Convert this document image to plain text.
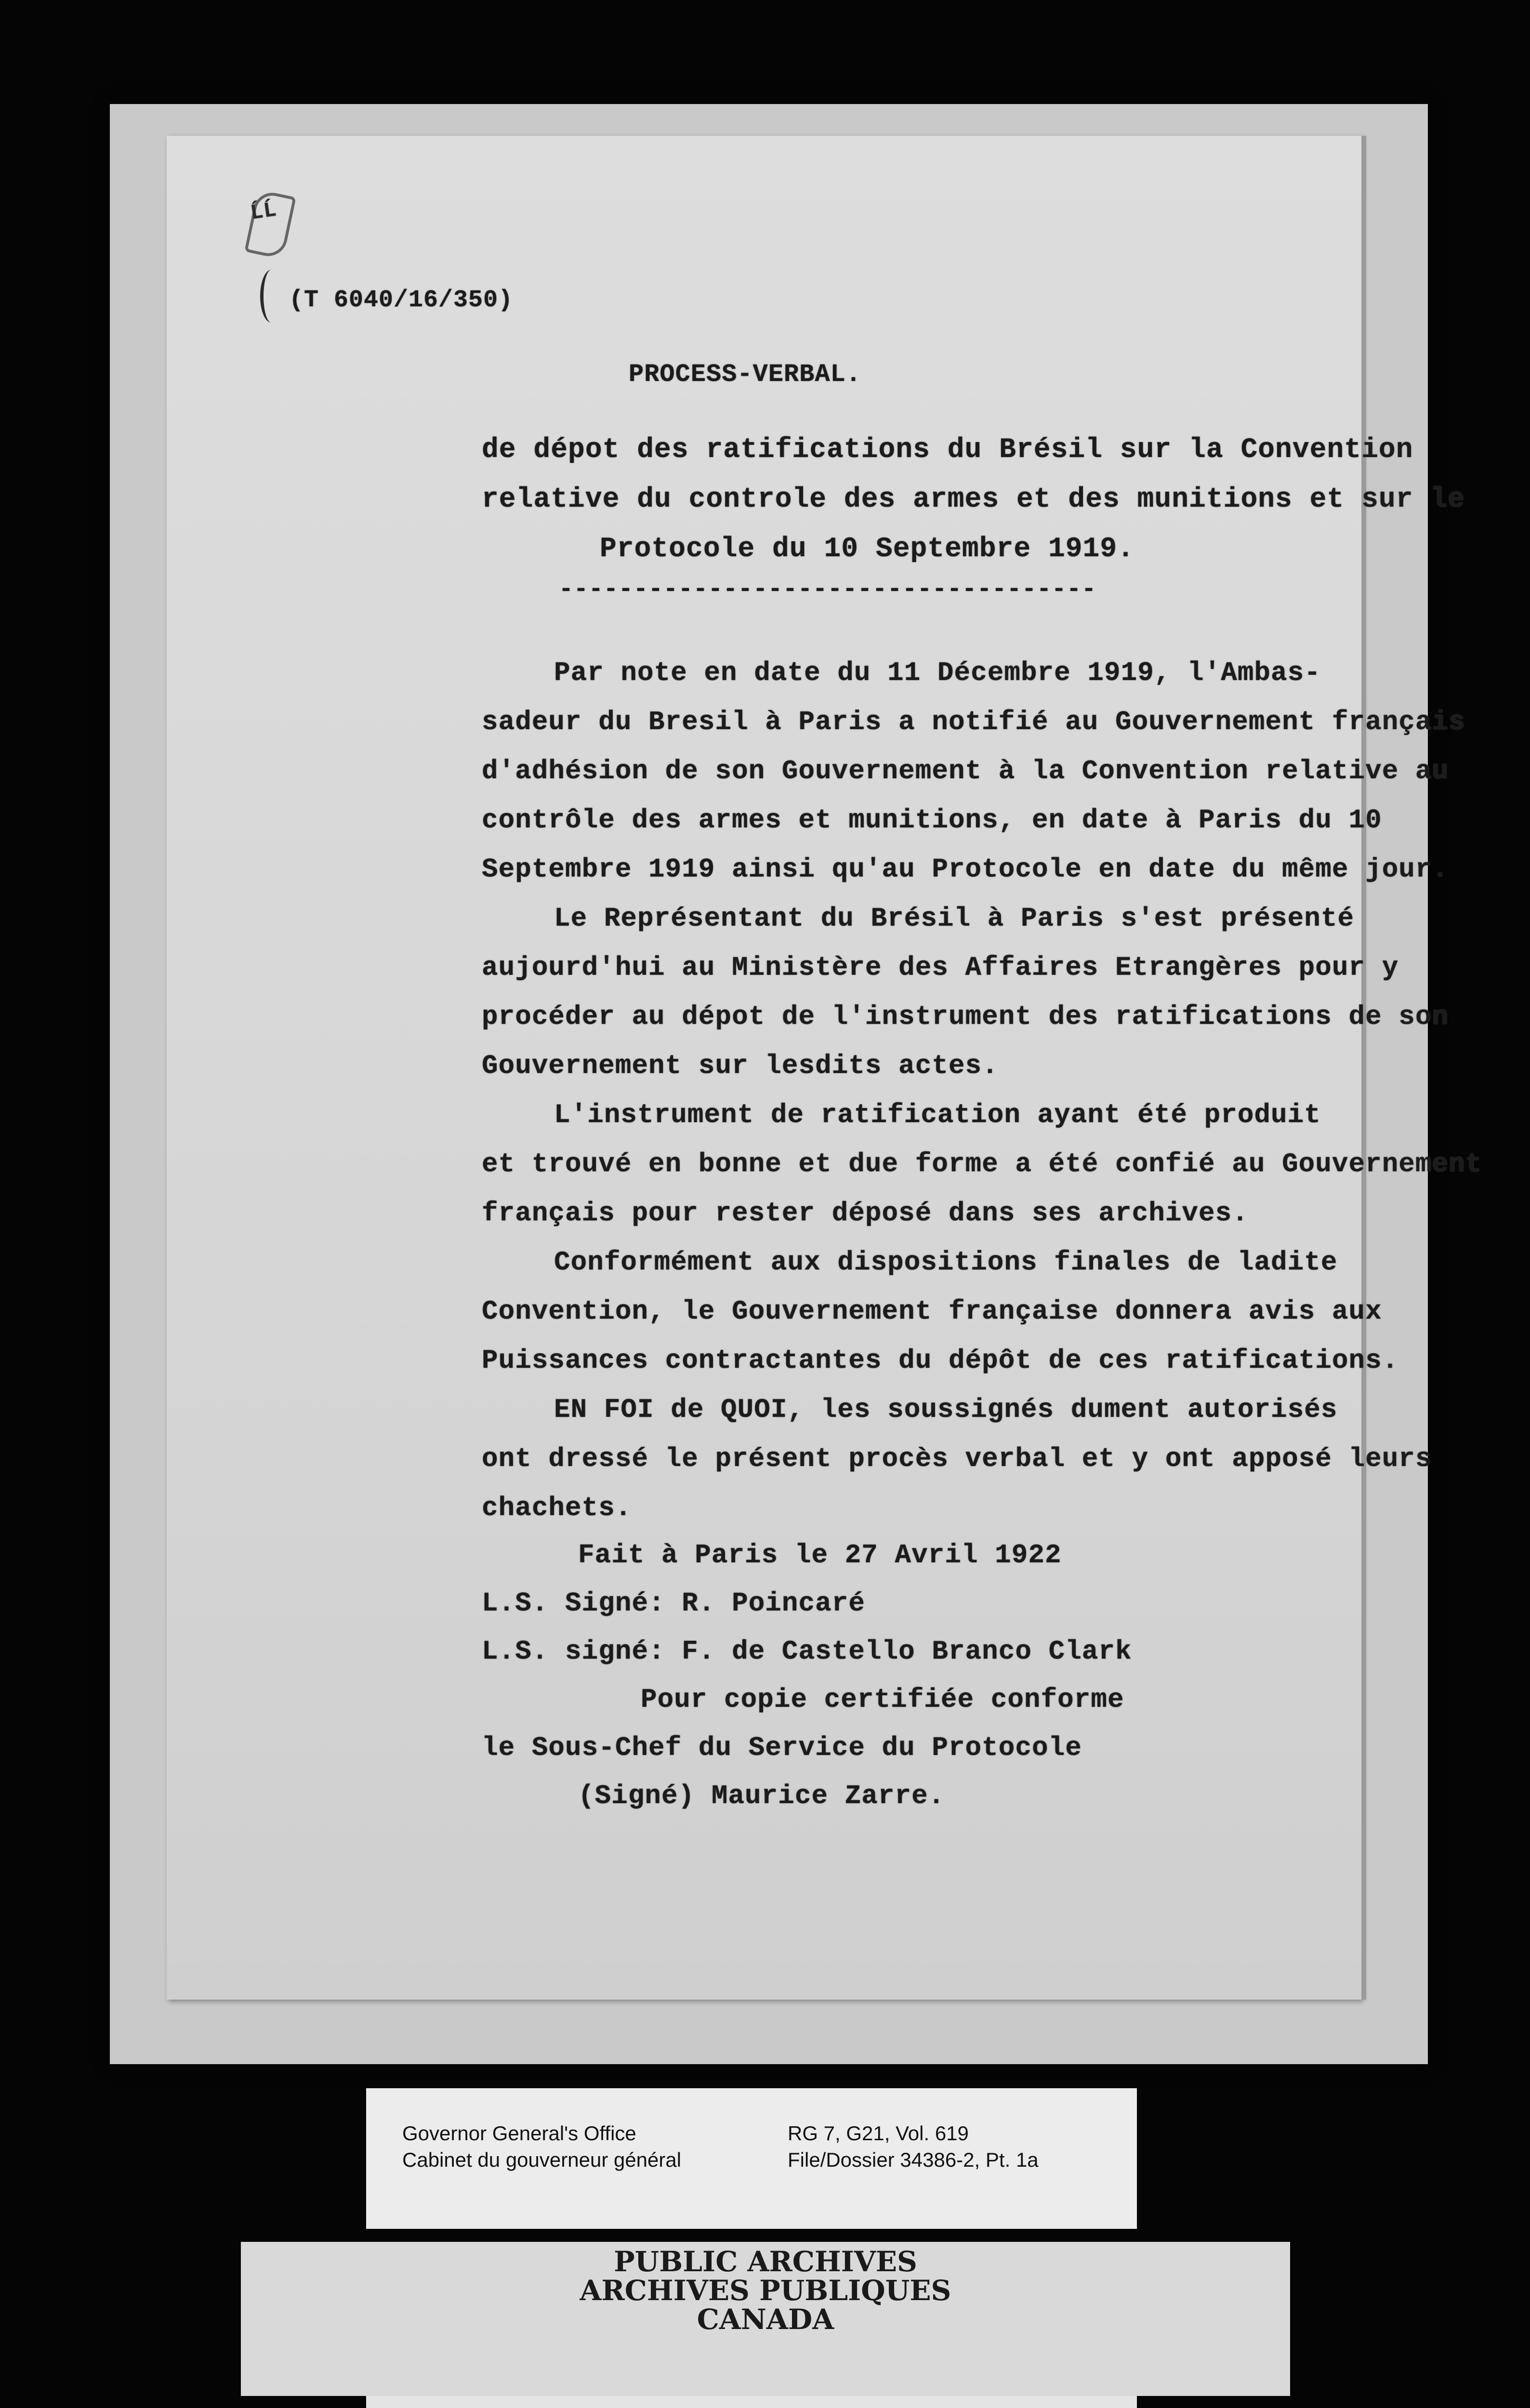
ĹĹ

(T 6040/16/350)

PROCESS-VERBAL.

de dépot des ratifications du Brésil sur la Convention

relative du controle des armes et des munitions et sur le

Protocole du 10 Septembre 1919.

------------------------------------

Par note en date du 11 Décembre 1919, l'Ambas-

sadeur du Bresil à Paris a notifié au Gouvernement français

d'adhésion de son Gouvernement à la Convention relative au

contrôle des armes et munitions, en date à Paris du 10

Septembre 1919 ainsi qu'au Protocole en date du même jour.

Le Représentant du Brésil à Paris s'est présenté

aujourd'hui au Ministère des Affaires Etrangères pour y

procéder au dépot de l'instrument des ratifications de son

Gouvernement sur lesdits actes.

L'instrument de ratification ayant été produit

et trouvé en bonne et due forme a été confié au Gouvernement

français pour rester déposé dans ses archives.

Conformément aux dispositions finales de ladite

Convention, le Gouvernement française donnera avis aux

Puissances contractantes du dépôt de ces ratifications.

EN FOI de QUOI, les soussignés dument autorisés

ont dressé le présent procès verbal et y ont apposé leurs

chachets.

Fait à Paris le 27 Avril 1922

L.S. Signé: R. Poincaré

L.S. signé: F. de Castello Branco Clark

Pour copie certifiée conforme

le Sous-Chef du Service du Protocole

(Signé) Maurice Zarre.

Governor General's Office

Cabinet du gouverneur général

RG 7, G21, Vol. 619

File/Dossier 34386-2, Pt. 1a

PUBLIC ARCHIVES

ARCHIVES PUBLIQUES

CANADA
